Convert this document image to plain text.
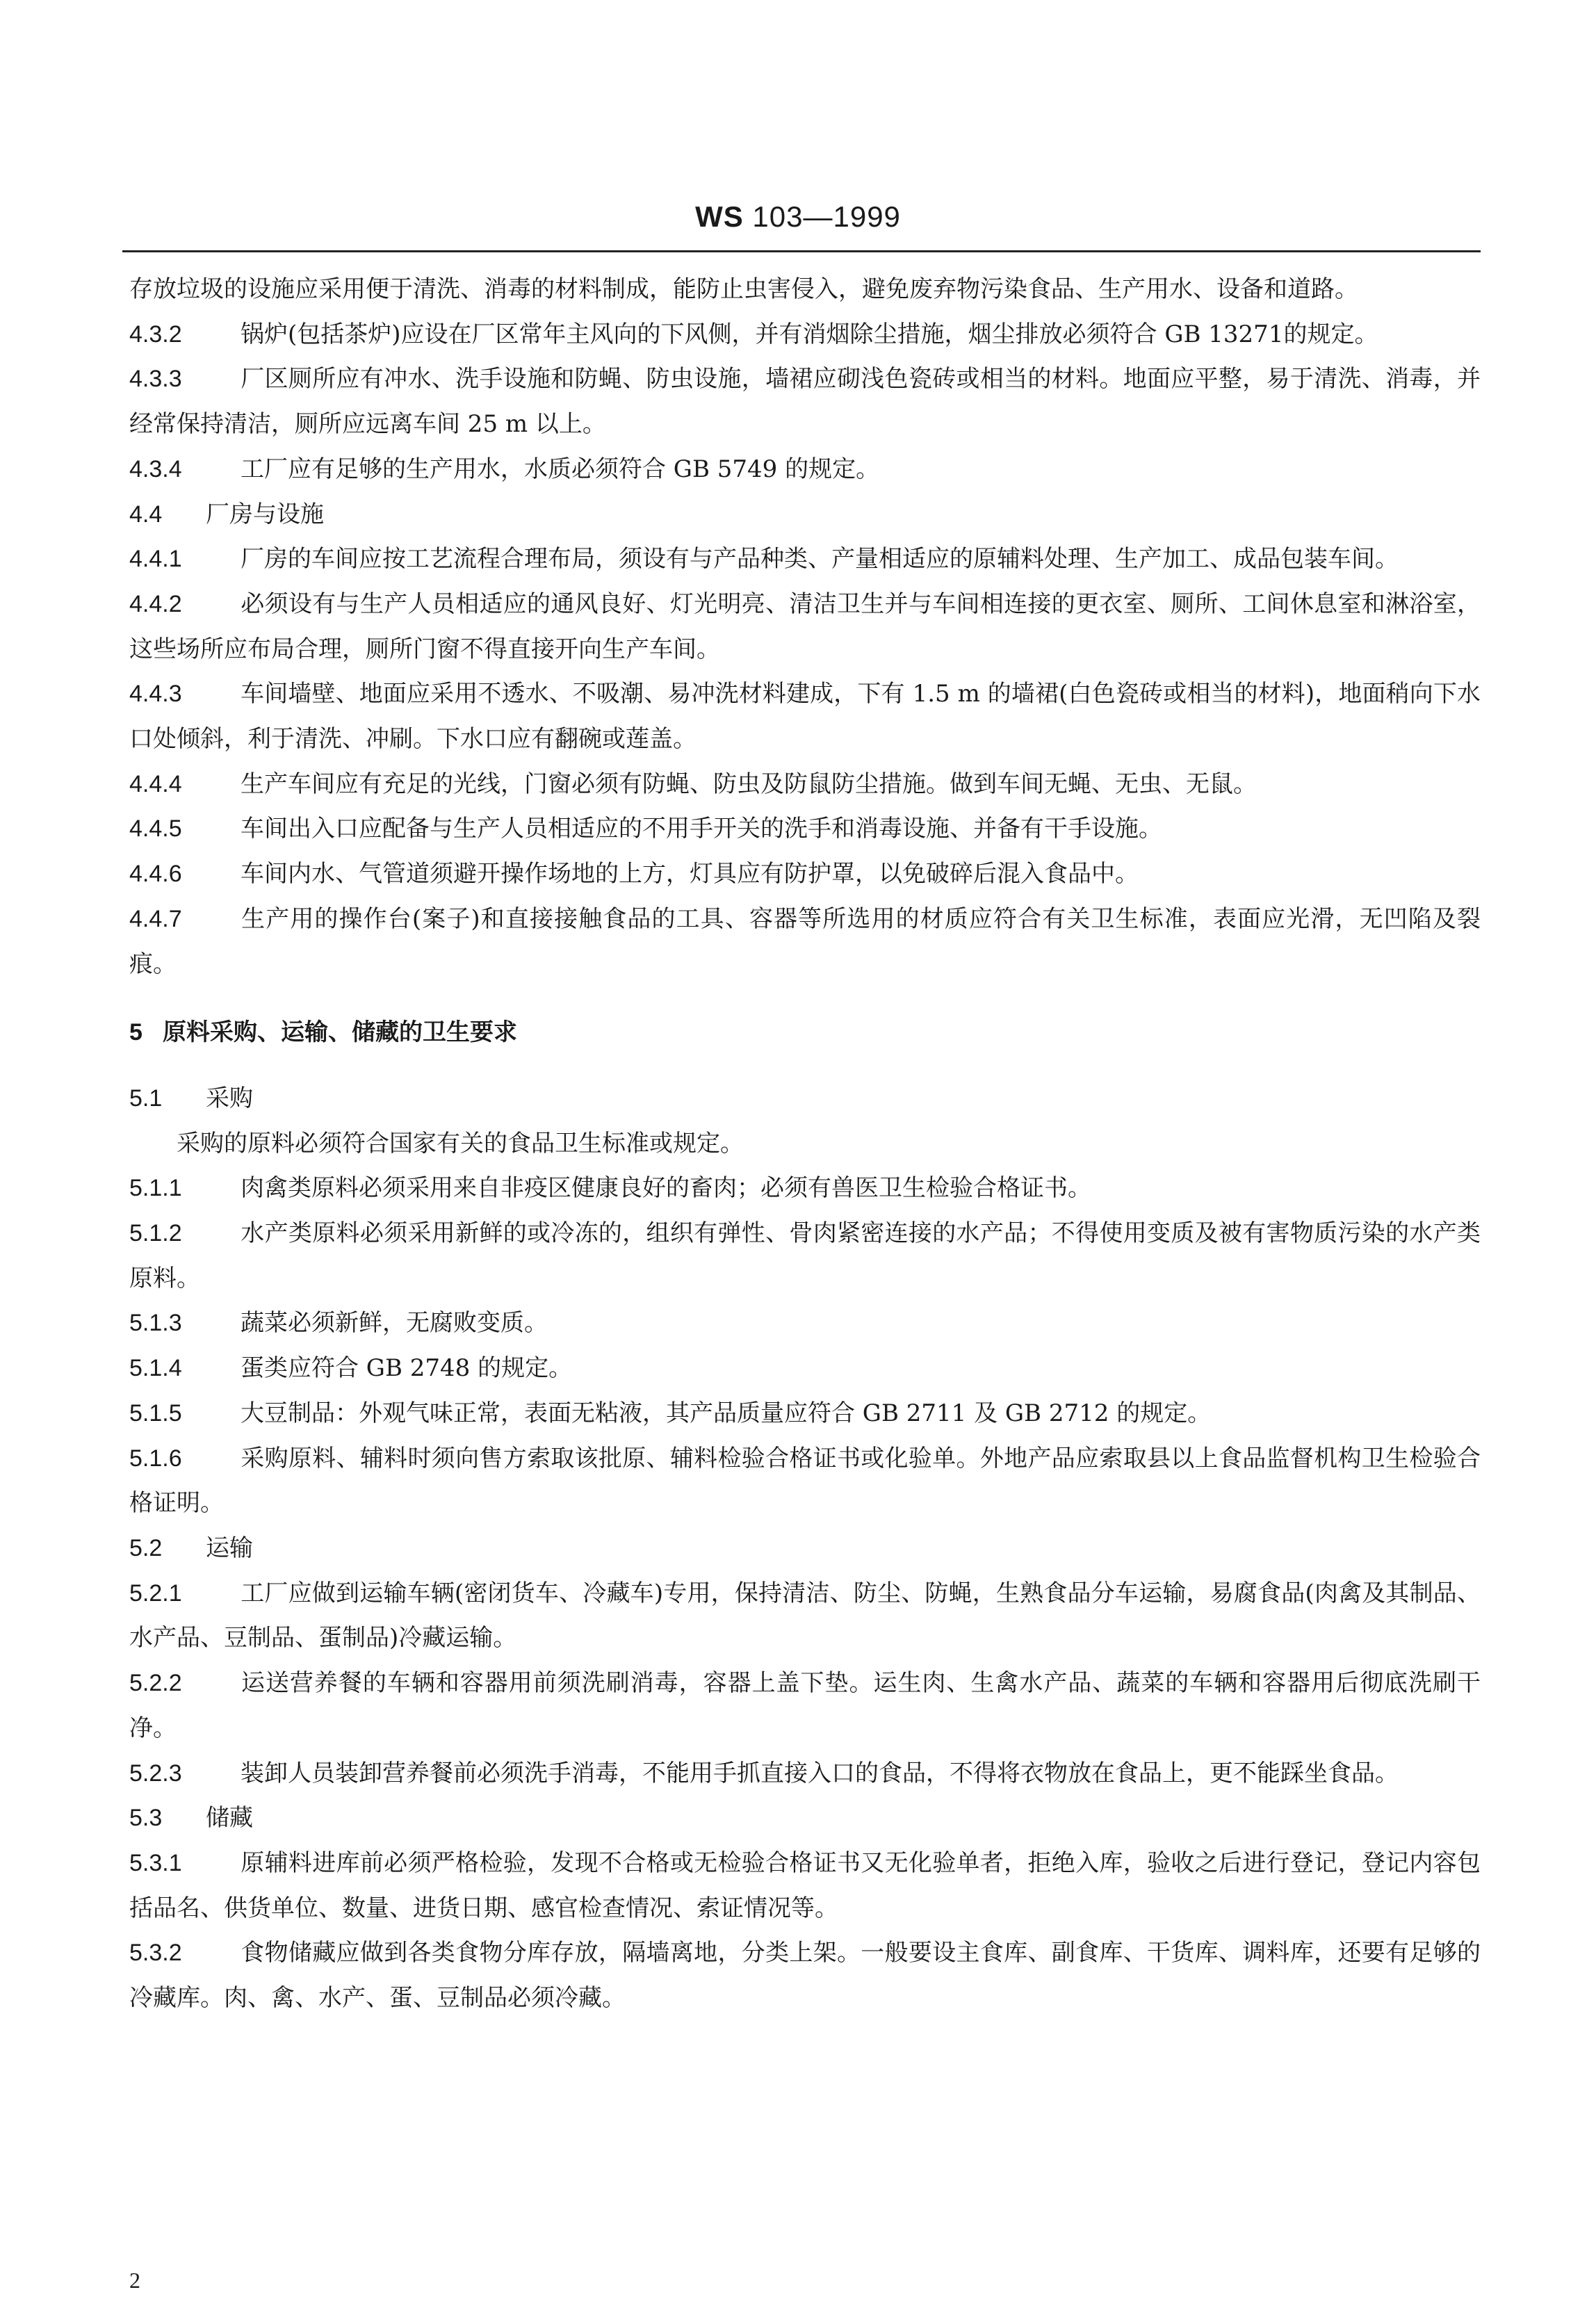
WS 103—1999
存放垃圾的设施应采用便于清洗、消毒的材料制成，能防止虫害侵入，避免废弃物污染食品、生产用水、设备和道路。
4.3.2 锅炉(包括茶炉)应设在厂区常年主风向的下风侧，并有消烟除尘措施，烟尘排放必须符合 GB 13271的规定。
4.3.3 厂区厕所应有冲水、洗手设施和防蝇、防虫设施，墙裙应砌浅色瓷砖或相当的材料。地面应平整，易于清洗、消毒，并经常保持清洁，厕所应远离车间 25 m 以上。
4.3.4 工厂应有足够的生产用水，水质必须符合 GB 5749 的规定。
4.4 厂房与设施
4.4.1 厂房的车间应按工艺流程合理布局，须设有与产品种类、产量相适应的原辅料处理、生产加工、成品包装车间。
4.4.2 必须设有与生产人员相适应的通风良好、灯光明亮、清洁卫生并与车间相连接的更衣室、厕所、工间休息室和淋浴室，这些场所应布局合理，厕所门窗不得直接开向生产车间。
4.4.3 车间墙壁、地面应采用不透水、不吸潮、易冲洗材料建成，下有 1.5 m 的墙裙(白色瓷砖或相当的材料)，地面稍向下水口处倾斜，利于清洗、冲刷。下水口应有翻碗或莲盖。
4.4.4 生产车间应有充足的光线，门窗必须有防蝇、防虫及防鼠防尘措施。做到车间无蝇、无虫、无鼠。
4.4.5 车间出入口应配备与生产人员相适应的不用手开关的洗手和消毒设施、并备有干手设施。
4.4.6 车间内水、气管道须避开操作场地的上方，灯具应有防护罩，以免破碎后混入食品中。
4.4.7 生产用的操作台(案子)和直接接触食品的工具、容器等所选用的材质应符合有关卫生标准，表面应光滑，无凹陷及裂痕。
5 原料采购、运输、储藏的卫生要求
5.1 采购
采购的原料必须符合国家有关的食品卫生标准或规定。
5.1.1 肉禽类原料必须采用来自非疫区健康良好的畜肉；必须有兽医卫生检验合格证书。
5.1.2 水产类原料必须采用新鲜的或冷冻的，组织有弹性、骨肉紧密连接的水产品；不得使用变质及被有害物质污染的水产类原料。
5.1.3 蔬菜必须新鲜，无腐败变质。
5.1.4 蛋类应符合 GB 2748 的规定。
5.1.5 大豆制品：外观气味正常，表面无粘液，其产品质量应符合 GB 2711 及 GB 2712 的规定。
5.1.6 采购原料、辅料时须向售方索取该批原、辅料检验合格证书或化验单。外地产品应索取县以上食品监督机构卫生检验合格证明。
5.2 运输
5.2.1 工厂应做到运输车辆(密闭货车、冷藏车)专用，保持清洁、防尘、防蝇，生熟食品分车运输，易腐食品(肉禽及其制品、水产品、豆制品、蛋制品)冷藏运输。
5.2.2 运送营养餐的车辆和容器用前须洗刷消毒，容器上盖下垫。运生肉、生禽水产品、蔬菜的车辆和容器用后彻底洗刷干净。
5.2.3 装卸人员装卸营养餐前必须洗手消毒，不能用手抓直接入口的食品，不得将衣物放在食品上，更不能踩坐食品。
5.3 储藏
5.3.1 原辅料进库前必须严格检验，发现不合格或无检验合格证书又无化验单者，拒绝入库，验收之后进行登记，登记内容包括品名、供货单位、数量、进货日期、感官检查情况、索证情况等。
5.3.2 食物储藏应做到各类食物分库存放，隔墙离地，分类上架。一般要设主食库、副食库、干货库、调料库，还要有足够的冷藏库。肉、禽、水产、蛋、豆制品必须冷藏。
2
